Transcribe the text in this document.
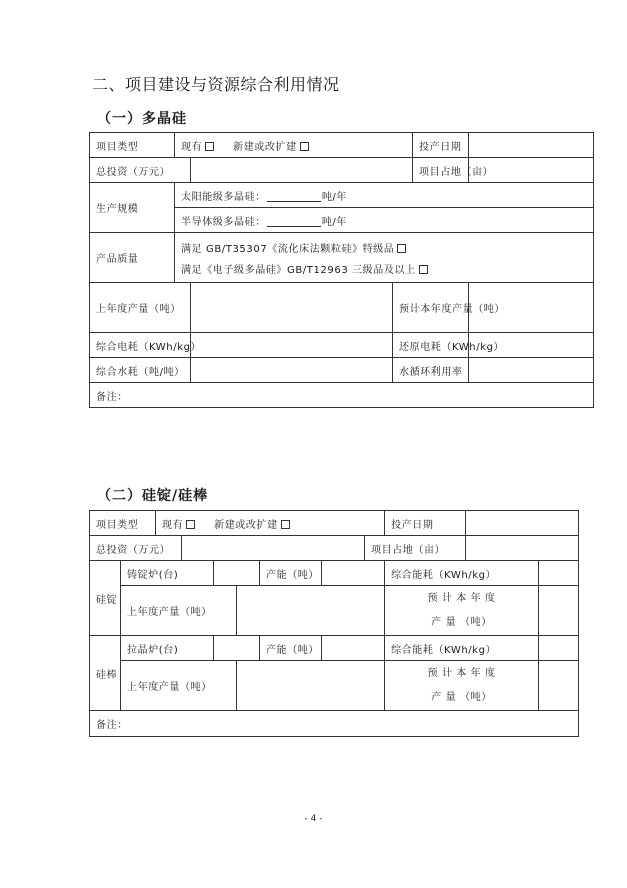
二、项目建设与资源综合利用情况
（一）多晶硅
项目类型	现有 新建或改扩建			投产日期	
总投资（万元）				项目占地（亩）	
生产规模	太阳能级多晶硅： 吨/年				
	半导体级多晶硅： 吨/年				
产品质量	满足 GB/T35307《流化床法颗粒硅》特级品
满足《电子级多晶硅》GB/T12963 三级品及以上				

上年度产量（吨）			预计本年度产量（吨）		
综合电耗（KWh/kg）			还原电耗（KWh/kg）		
综合水耗（吨/吨）			水循环利用率		
备注：					
（二）硅锭/硅棒
项目类型		现有 新建或改扩建							投产日期		
总投资（万元）								项目占地（亩）			
硅锭	铸锭炉(台)					产能（吨）			综合能耗（KWh/kg）		
	上年度产量（吨）								预 计 本 年 度
产 量 （吨）		
硅棒	拉晶炉(台)					产能（吨）			综合能耗（KWh/kg）		
	上年度产量（吨）								预 计 本 年 度
产 量 （吨）		
备注：											
- 4 -
